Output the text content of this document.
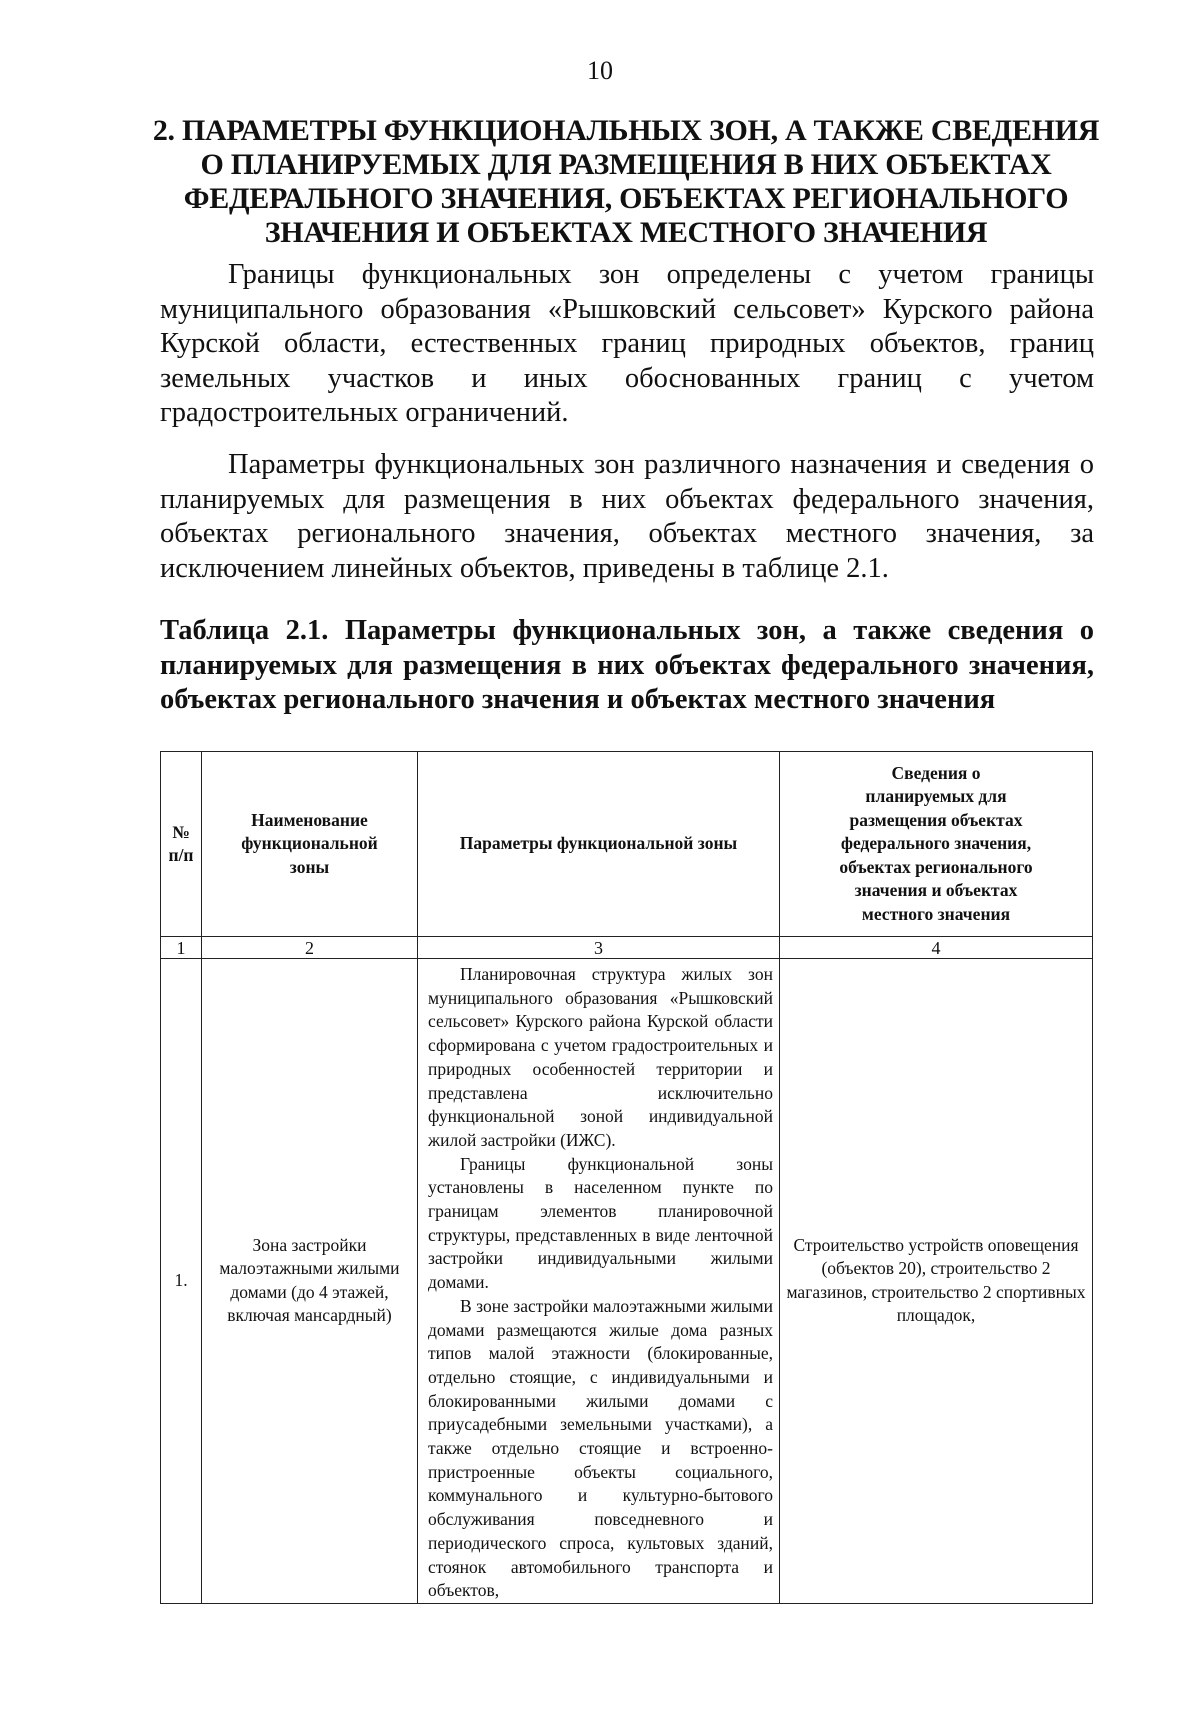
10
2. ПАРАМЕТРЫ ФУНКЦИОНАЛЬНЫХ ЗОН, А ТАКЖЕ СВЕДЕНИЯ О ПЛАНИРУЕМЫХ ДЛЯ РАЗМЕЩЕНИЯ В НИХ ОБЪЕКТАХ ФЕДЕРАЛЬНОГО ЗНАЧЕНИЯ, ОБЪЕКТАХ РЕГИОНАЛЬНОГО ЗНАЧЕНИЯ И ОБЪЕКТАХ МЕСТНОГО ЗНАЧЕНИЯ

Границы функциональных зон определены с учетом границы муниципального образования «Рышковский сельсовет» Курского района Курской области, естественных границ природных объектов, границ земельных участков и иных обоснованных границ с учетом градостроительных ограничений.

Параметры функциональных зон различного назначения и сведения о планируемых для размещения в них объектах федерального значения, объектах регионального значения, объектах местного значения, за исключением линейных объектов, приведены в таблице 2.1.

Таблица 2.1. Параметры функциональных зон, а также сведения о планируемых для размещения в них объектах федерального значения, объектах регионального значения и объектах местного значения

№ п/п	Наименование функциональной зоны	Параметры функциональной зоны	Сведения о планируемых для размещения объектах федерального значения, объектах регионального значения и объектах местного значения
1	2	3	4
1.	Зона застройки малоэтажными жилыми домами (до 4 этажей, включая мансардный)	Планировочная структура жилых зон муниципального образования «Рышковский сельсовет» Курского района Курской области сформирована с учетом градостроительных и природных особенностей территории и представлена исключительно функциональной зоной индивидуальной жилой застройки (ИЖС).

Границы функциональной зоны установлены в населенном пункте по границам элементов планировочной структуры, представленных в виде ленточной застройки индивидуальными жилыми домами.

В зоне застройки малоэтажными жилыми домами размещаются жилые дома разных типов малой этажности (блокированные, отдельно стоящие, с индивидуальными и блокированными жилыми домами с приусадебными земельными участками), а также отдельно стоящие и встроенно-пристроенные объекты социального, коммунального и культурно-бытового обслуживания повседневного и периодического спроса, культовых зданий, стоянок автомобильного транспорта и объектов,	Строительство устройств оповещения (объектов 20), строительство 2 магазинов, строительство 2 спортивных площадок,
